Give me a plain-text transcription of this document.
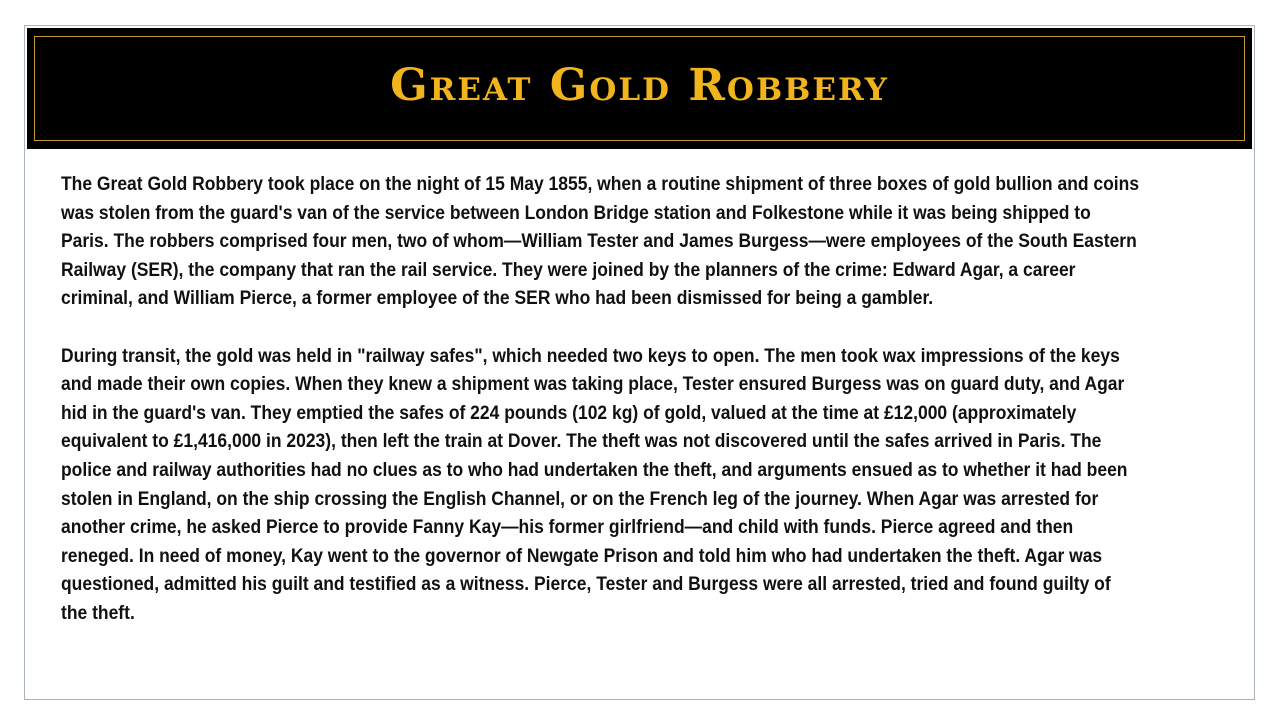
Great Gold Robbery

The Great Gold Robbery took place on the night of 15 May 1855, when a routine shipment of three boxes of gold bullion and coins was stolen from the guard's van of the service between London Bridge station and Folkestone while it was being shipped to Paris. The robbers comprised four men, two of whom—William Tester and James Burgess—were employees of the South Eastern Railway (SER), the company that ran the rail service. They were joined by the planners of the crime: Edward Agar, a career criminal, and William Pierce, a former employee of the SER who had been dismissed for being a gambler.

During transit, the gold was held in "railway safes", which needed two keys to open. The men took wax impressions of the keys and made their own copies. When they knew a shipment was taking place, Tester ensured Burgess was on guard duty, and Agar hid in the guard's van. They emptied the safes of 224 pounds (102 kg) of gold, valued at the time at £12,000 (approximately equivalent to £1,416,000 in 2023), then left the train at Dover. The theft was not discovered until the safes arrived in Paris. The police and railway authorities had no clues as to who had undertaken the theft, and arguments ensued as to whether it had been stolen in England, on the ship crossing the English Channel, or on the French leg of the journey. When Agar was arrested for another crime, he asked Pierce to provide Fanny Kay—his former girlfriend—and child with funds. Pierce agreed and then reneged. In need of money, Kay went to the governor of Newgate Prison and told him who had undertaken the theft. Agar was questioned, admitted his guilt and testified as a witness. Pierce, Tester and Burgess were all arrested, tried and found guilty of the theft.
